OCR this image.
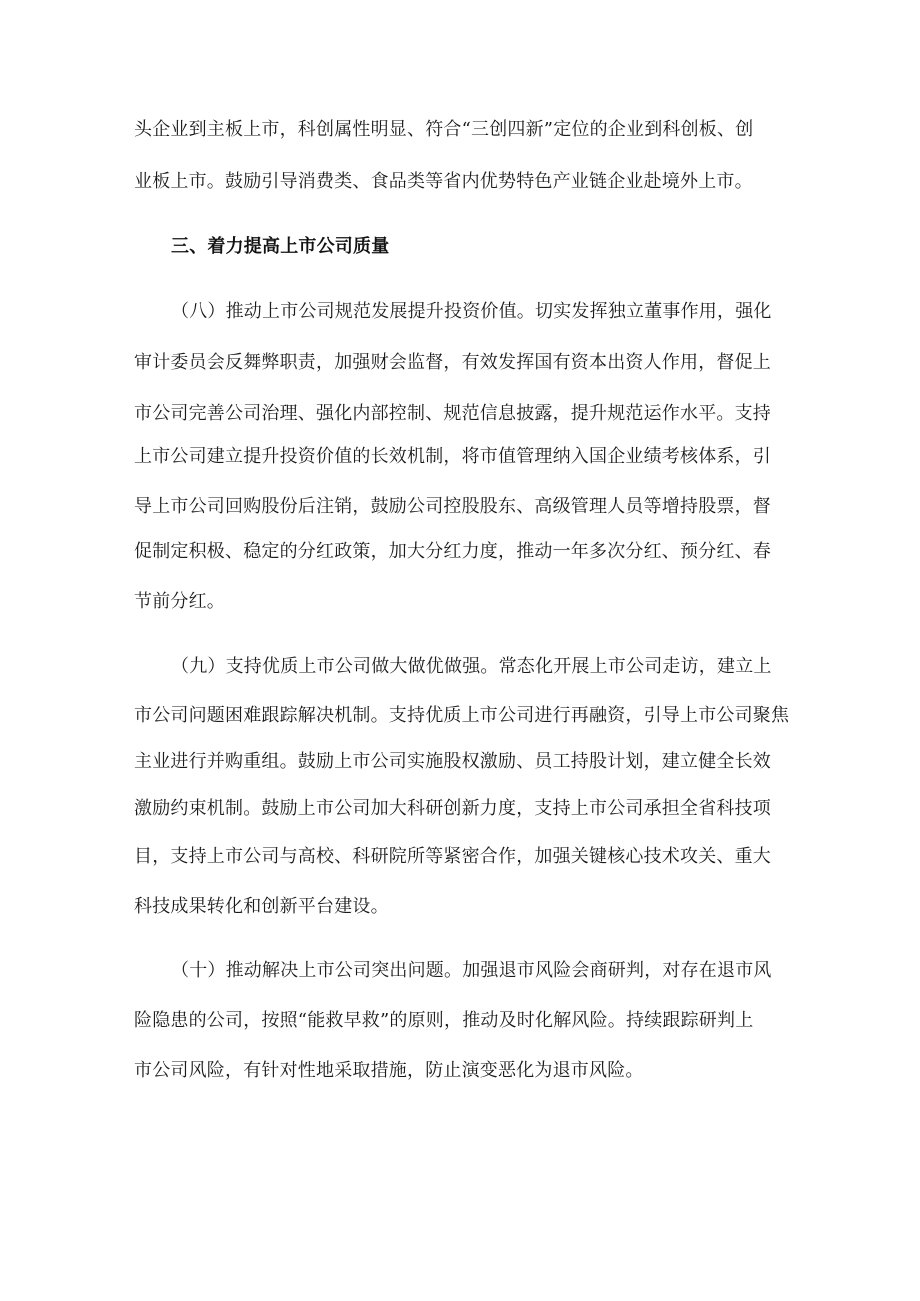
头企业到主板上市，科创属性明显、符合“三创四新”定位的企业到科创板、创

业板上市。鼓励引导消费类、食品类等省内优势特色产业链企业赴境外上市。

三、着力提高上市公司质量

（八）推动上市公司规范发展提升投资价值。切实发挥独立董事作用，强化

审计委员会反舞弊职责，加强财会监督，有效发挥国有资本出资人作用，督促上

市公司完善公司治理、强化内部控制、规范信息披露，提升规范运作水平。支持

上市公司建立提升投资价值的长效机制，将市值管理纳入国企业绩考核体系，引

导上市公司回购股份后注销，鼓励公司控股股东、高级管理人员等增持股票，督

促制定积极、稳定的分红政策，加大分红力度，推动一年多次分红、预分红、春

节前分红。

（九）支持优质上市公司做大做优做强。常态化开展上市公司走访，建立上

市公司问题困难跟踪解决机制。支持优质上市公司进行再融资，引导上市公司聚焦

主业进行并购重组。鼓励上市公司实施股权激励、员工持股计划，建立健全长效

激励约束机制。鼓励上市公司加大科研创新力度，支持上市公司承担全省科技项

目，支持上市公司与高校、科研院所等紧密合作，加强关键核心技术攻关、重大

科技成果转化和创新平台建设。

（十）推动解决上市公司突出问题。加强退市风险会商研判，对存在退市风

险隐患的公司，按照“能救早救”的原则，推动及时化解风险。持续跟踪研判上

市公司风险，有针对性地采取措施，防止演变恶化为退市风险。
